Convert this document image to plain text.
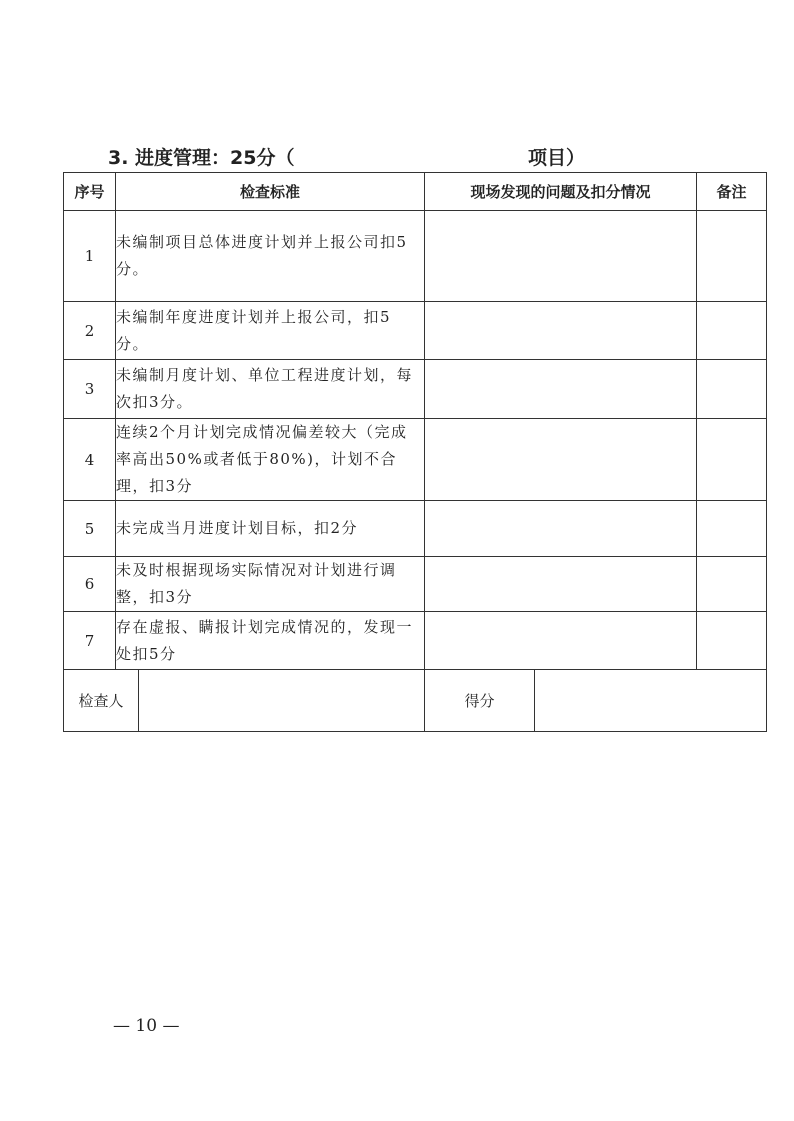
3. 进度管理：25分（	项目）
序号	检查标准		现场发现的问题及扣分情况		备注
1	未编制项目总体进度计划并上报公司扣5分。				
2	未编制年度进度计划并上报公司，扣5分。				
3	未编制月度计划、单位工程进度计划，每次扣3分。				
4	连续2个月计划完成情况偏差较大（完成率高出50%或者低于80%)，计划不合理，扣3分				
5	未完成当月进度计划目标，扣2分				
6	未及时根据现场实际情况对计划进行调整，扣3分				
7	存在虚报、瞒报计划完成情况的，发现一处扣5分				
检查人			得分		
— 10 —
